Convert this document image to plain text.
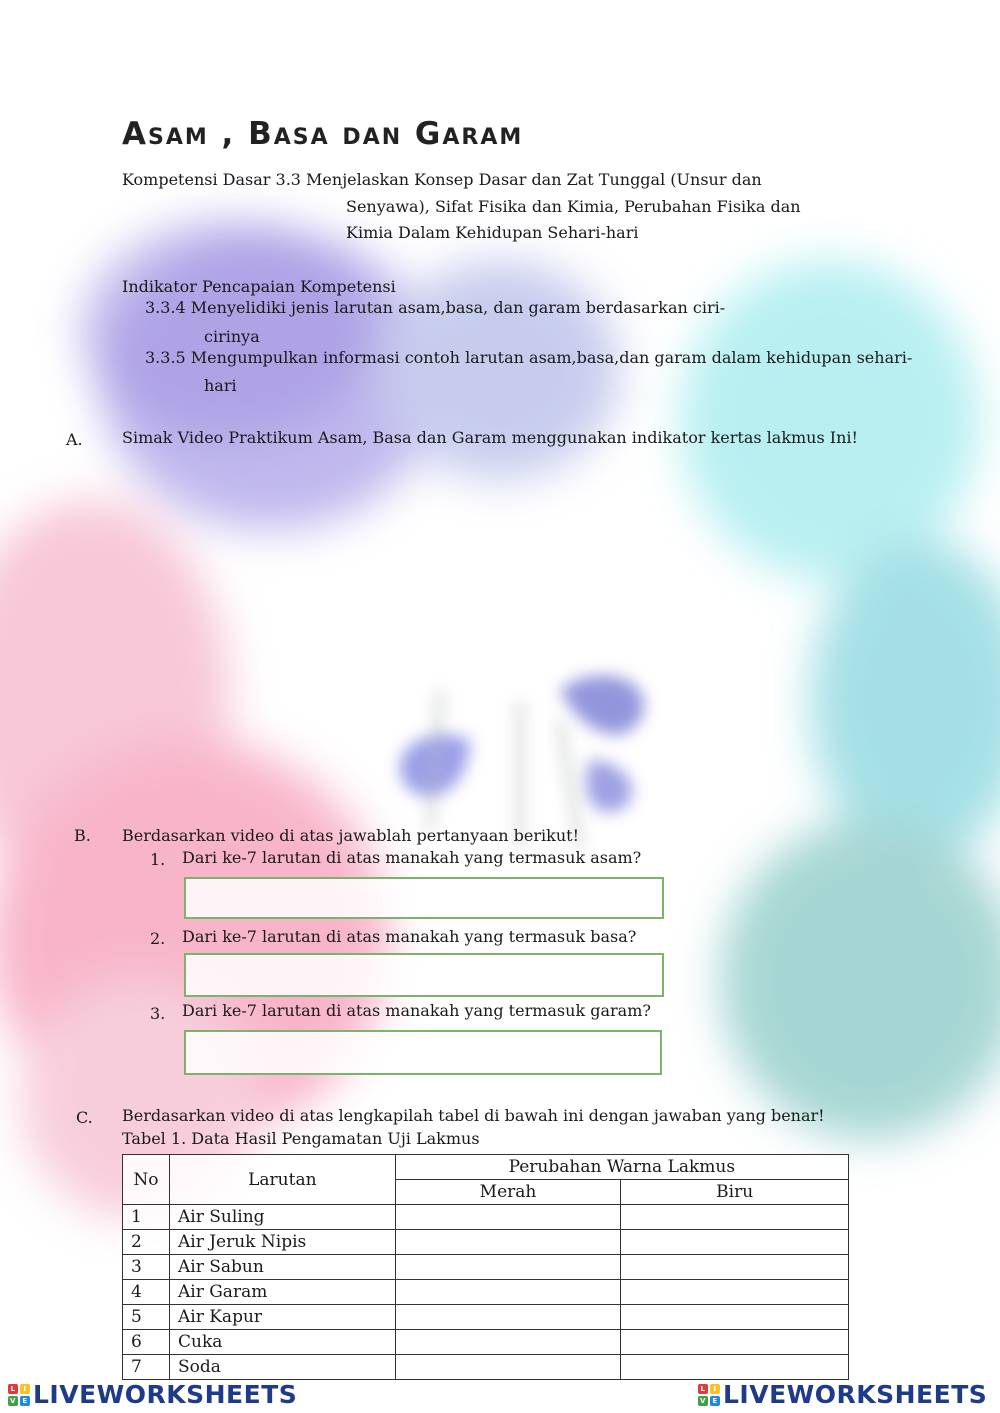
Asam , Basa dan Garam
Kompetensi Dasar 3.3 Menjelaskan Konsep Dasar dan Zat Tunggal (Unsur dan
Senyawa), Sifat Fisika dan Kimia, Perubahan Fisika dan
Kimia Dalam Kehidupan Sehari-hari
Indikator Pencapaian Kompetensi
3.3.4 Menyelidiki jenis larutan asam,basa, dan garam berdasarkan ciri-
cirinya
3.3.5 Mengumpulkan informasi contoh larutan asam,basa,dan garam dalam kehidupan sehari-
hari
A. Simak Video Praktikum Asam, Basa dan Garam menggunakan indikator kertas lakmus Ini!
B. Berdasarkan video di atas jawablah pertanyaan berikut!
1. Dari ke-7 larutan di atas manakah yang termasuk asam?
2. Dari ke-7 larutan di atas manakah yang termasuk basa?
3. Dari ke-7 larutan di atas manakah yang termasuk garam?
C. Berdasarkan video di atas lengkapilah tabel di bawah ini dengan jawaban yang benar!
Tabel 1. Data Hasil Pengamatan Uji Lakmus
No	Larutan	Perubahan Warna Lakmus	
		Merah	Biru
1	Air Suling		
2	Air Jeruk Nipis		
3	Air Sabun		
4	Air Garam		
5	Air Kapur		
6	Cuka		
7	Soda		
L	I
V E LIVEWORKSHEETS	L	I
V E LIVEWORKSHEETS
